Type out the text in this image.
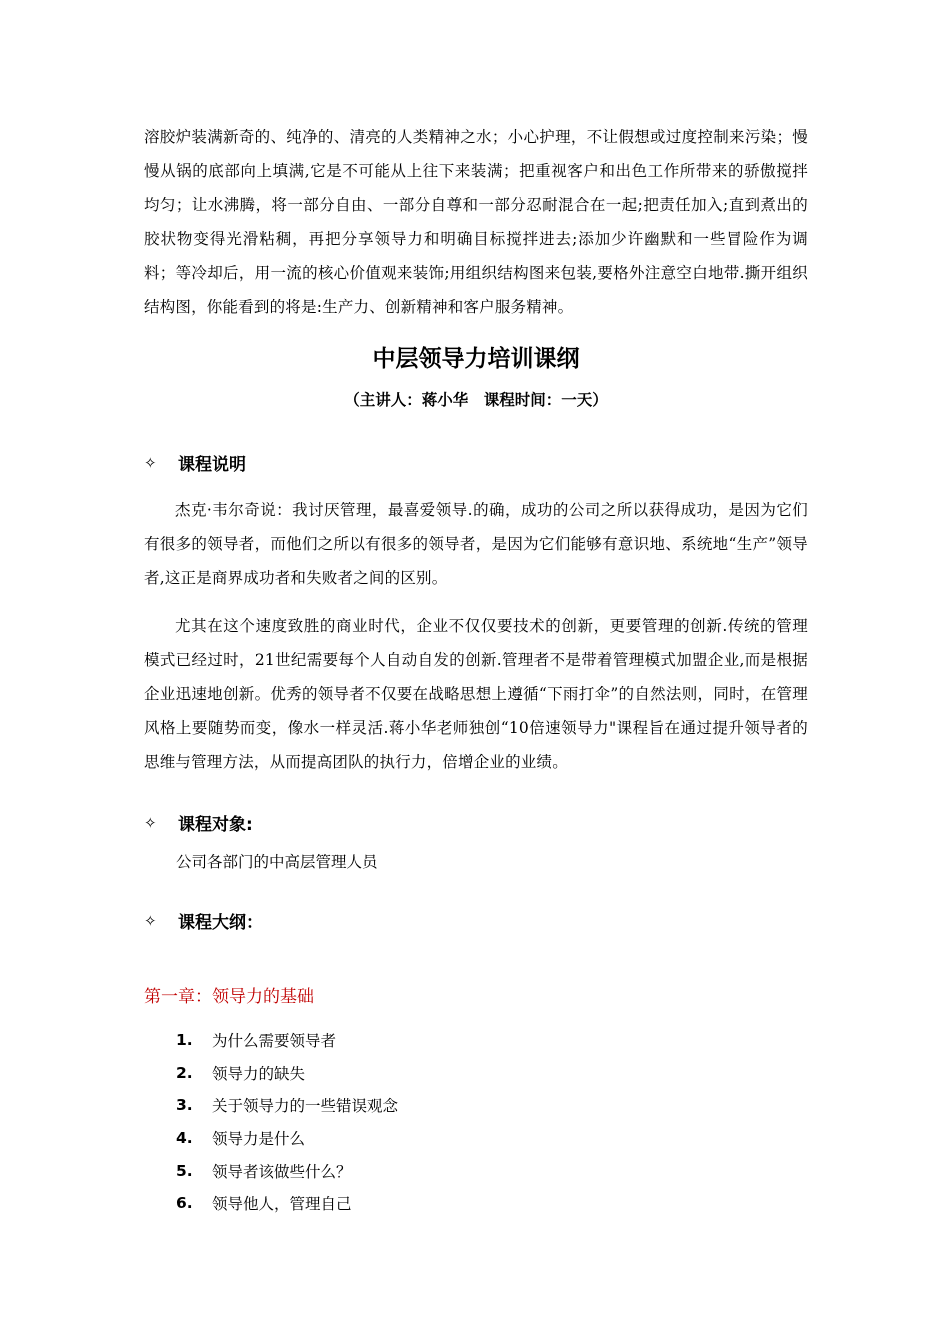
溶胶炉装满新奇的、纯净的、清亮的人类精神之水；小心护理，不让假想或过度控制来污染；慢慢从锅的底部向上填满,它是不可能从上往下来装满；把重视客户和出色工作所带来的骄傲搅拌均匀；让水沸腾，将一部分自由、一部分自尊和一部分忍耐混合在一起;把责任加入;直到煮出的胶状物变得光滑粘稠，再把分享领导力和明确目标搅拌进去;添加少许幽默和一些冒险作为调料；等冷却后，用一流的核心价值观来装饰;用组织结构图来包装,要格外注意空白地带.撕开组织结构图，你能看到的将是:生产力、创新精神和客户服务精神。

中层领导力培训课纲

（主讲人：蒋小华　课程时间：一天）

✧	课程说明

杰克·韦尔奇说：我讨厌管理，最喜爱领导.的确，成功的公司之所以获得成功，是因为它们有很多的领导者，而他们之所以有很多的领导者，是因为它们能够有意识地、系统地“生产”领导者,这正是商界成功者和失败者之间的区别。

尤其在这个速度致胜的商业时代，企业不仅仅要技术的创新，更要管理的创新.传统的管理模式已经过时，21世纪需要每个人自动自发的创新.管理者不是带着管理模式加盟企业,而是根据企业迅速地创新。优秀的领导者不仅要在战略思想上遵循“下雨打伞”的自然法则，同时，在管理风格上要随势而变，像水一样灵活.蒋小华老师独创“10倍速领导力"课程旨在通过提升领导者的思维与管理方法，从而提高团队的执行力，倍增企业的业绩。

✧	课程对象:
公司各部门的中高层管理人员
✧	课程大纲：
第一章：领导力的基础
1.	为什么需要领导者
2.	领导力的缺失
3.	关于领导力的一些错误观念
4.	领导力是什么
5.	领导者该做些什么？
6.	领导他人，管理自己
